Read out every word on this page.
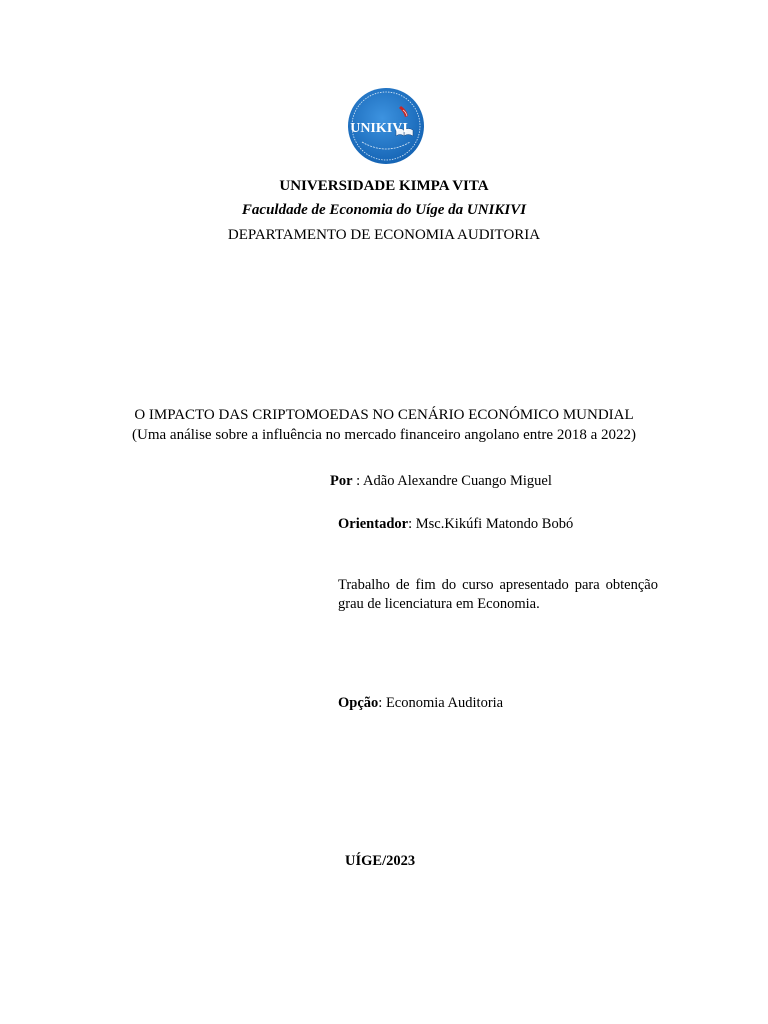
UNIKIVI
UNIVERSIDADE KIMPA VITA
Faculdade de Economia do Uíge da UNIKIVI
DEPARTAMENTO DE ECONOMIA AUDITORIA
O IMPACTO DAS CRIPTOMOEDAS NO CENÁRIO ECONÓMICO MUNDIAL
(Uma análise sobre a influência no mercado financeiro angolano entre 2018 a 2022)
Por : Adão Alexandre Cuango Miguel
Orientador: Msc.Kikúfi Matondo Bobó
Trabalho de fim do curso apresentado para obtenção grau de licenciatura em Economia.
Opção: Economia Auditoria
UÍGE/2023
